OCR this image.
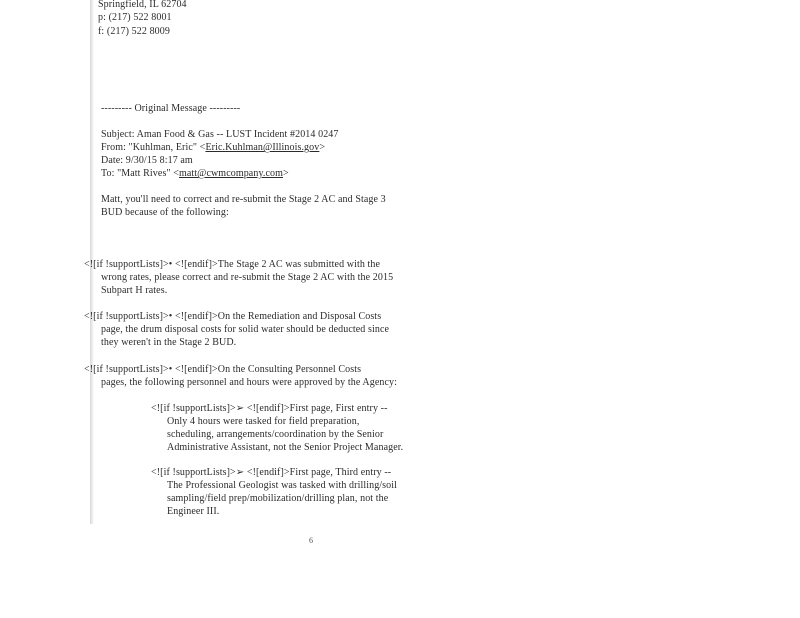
Springfield, IL 62704
p: (217) 522 8001
f: (217) 522 8009
--------- Original Message ---------
Subject: Aman Food & Gas -- LUST Incident #2014 0247
From: "Kuhlman, Eric" <Eric.Kuhlman@Illinois.gov>
Date: 9/30/15 8:17 am
To: "Matt Rives" <matt@cwmcompany.com>
Matt, you'll need to correct and re-submit the Stage 2 AC and Stage 3
BUD because of the following:
<![if !supportLists]>• <![endif]>The Stage 2 AC was submitted with the
wrong rates, please correct and re-submit the Stage 2 AC with the 2015
Subpart H rates.
<![if !supportLists]>• <![endif]>On the Remediation and Disposal Costs
page, the drum disposal costs for solid water should be deducted since
they weren't in the Stage 2 BUD.
<![if !supportLists]>• <![endif]>On the Consulting Personnel Costs
pages, the following personnel and hours were approved by the Agency:
<![if !supportLists]>➢ <![endif]>First page, First entry --
Only 4 hours were tasked for field preparation,
scheduling, arrangements/coordination by the Senior
Administrative Assistant, not the Senior Project Manager.
<![if !supportLists]>➢ <![endif]>First page, Third entry --
The Professional Geologist was tasked with drilling/soil
sampling/field prep/mobilization/drilling plan, not the
Engineer III.
6
